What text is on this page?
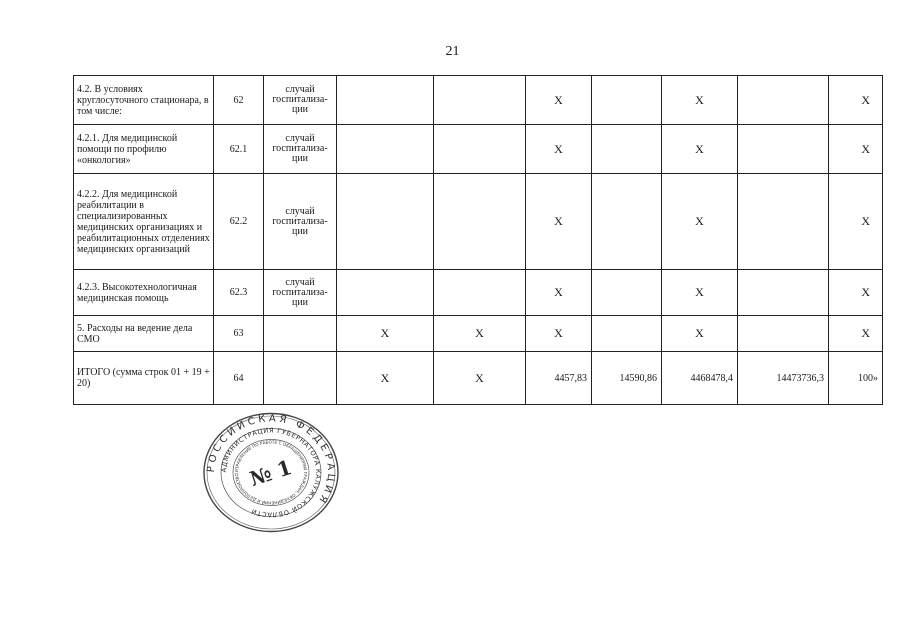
21
4.2. В условиях круглосуточного стационара, в том числе:	62	случай госпитализа-ции			Х		Х		Х
4.2.1. Для медицинской помощи по профилю «онкология»	62.1	случай госпитализа-ции			Х		Х		Х
4.2.2. Для медицинской реабилитации в специализированных медицинских организациях и реабилитационных отделениях медицинских организаций	62.2	случай госпитализа-ции			Х		Х		Х
4.2.3. Высокотехнологичная медицинская помощь	62.3	случай госпитализа-ции			Х		Х		Х
5. Расходы на ведение дела СМО	63		Х	Х	Х		Х		Х
ИТОГО (сумма строк 01 + 19 + 20)	64		Х	Х	4457,83	14590,86	4468478,4	14473736,3	100»
РОССИЙСКАЯ ФЕДЕРАЦИЯ
АДМИНИСТРАЦИЯ ГУБЕРНАТОРА КАЛУЖСКОЙ ОБЛАСТИ
УПРАВЛЕНИЕ ПО РАБОТЕ С ОБРАЩЕНИЯМИ ГРАЖДАН, ОБЪЕДИНЕНИЙ И ДЕЛОПРОИЗВО № 1
